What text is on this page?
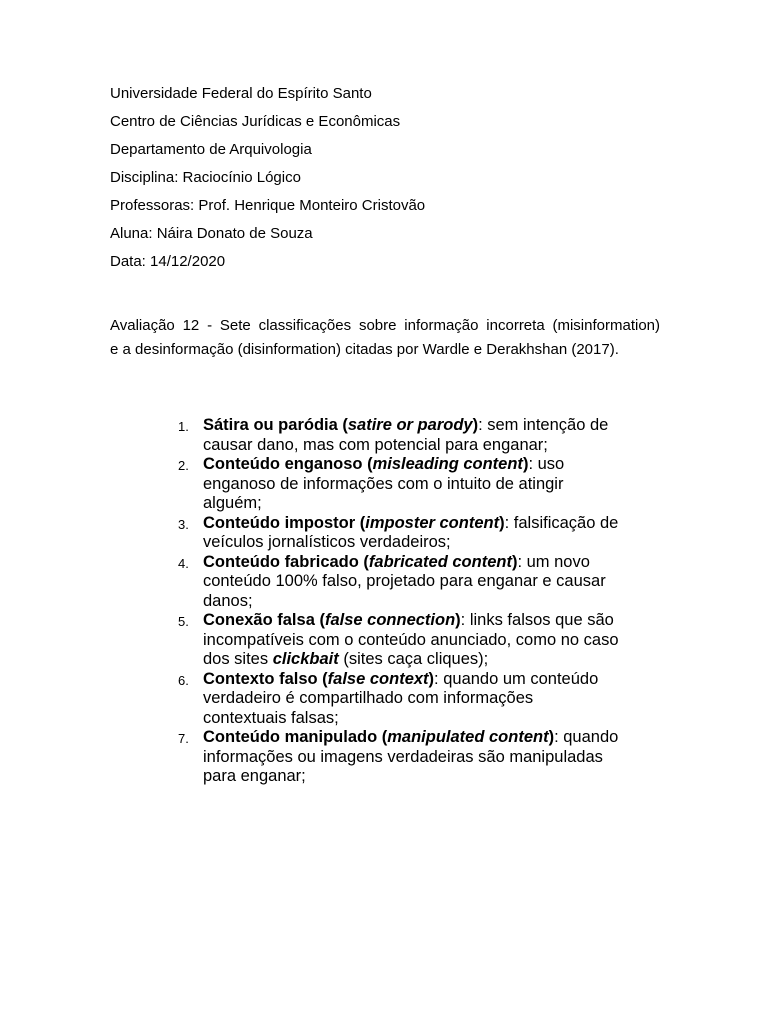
Universidade Federal do Espírito Santo
Centro de Ciências Jurídicas e Econômicas
Departamento de Arquivologia
Disciplina: Raciocínio Lógico
Professoras: Prof. Henrique Monteiro Cristovão
Aluna: Náira Donato de Souza
Data: 14/12/2020
Avaliação 12 - Sete classificações sobre informação incorreta (misinformation)
e a desinformação (disinformation) citadas por Wardle e Derakhshan (2017).
1. Sátira ou paródia (satire or parody): sem intenção de
causar dano, mas com potencial para enganar;
2. Conteúdo enganoso (misleading content): uso
enganoso de informações com o intuito de atingir
alguém;
3. Conteúdo impostor (imposter content): falsificação de
veículos jornalísticos verdadeiros;
4. Conteúdo fabricado (fabricated content): um novo
conteúdo 100% falso, projetado para enganar e causar
danos;
5. Conexão falsa (false connection): links falsos que são
incompatíveis com o conteúdo anunciado, como no caso
dos sites clickbait (sites caça cliques);
6. Contexto falso (false context): quando um conteúdo
verdadeiro é compartilhado com informações
contextuais falsas;
7. Conteúdo manipulado (manipulated content): quando
informações ou imagens verdadeiras são manipuladas
para enganar;
